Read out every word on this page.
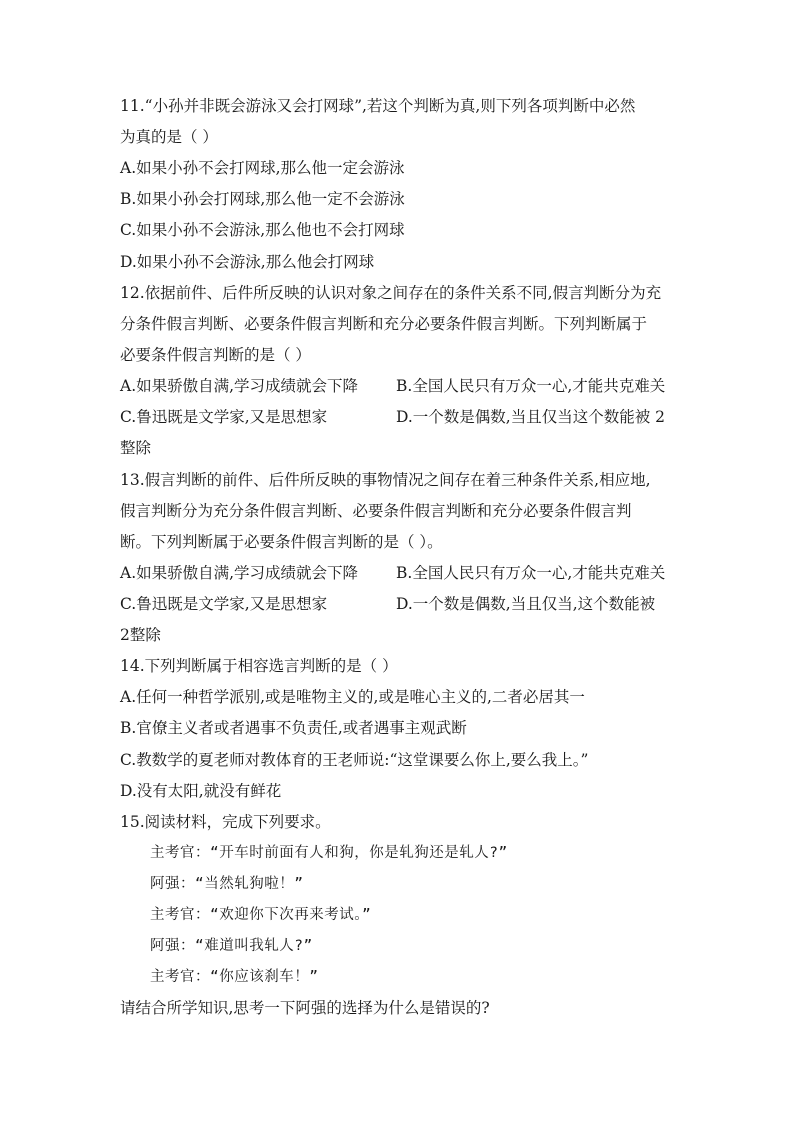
11.“小孙并非既会游泳又会打网球”,若这个判断为真,则下列各项判断中必然
为真的是（ ）
A.如果小孙不会打网球,那么他一定会游泳
B.如果小孙会打网球,那么他一定不会游泳
C.如果小孙不会游泳,那么他也不会打网球
D.如果小孙不会游泳,那么他会打网球
12.依据前件、后件所反映的认识对象之间存在的条件关系不同,假言判断分为充
分条件假言判断、必要条件假言判断和充分必要条件假言判断。下列判断属于
必要条件假言判断的是（ ）
A.如果骄傲自满,学习成绩就会下降 B.全国人民只有万众一心,才能共克难关
C.鲁迅既是文学家,又是思想家	D.一个数是偶数,当且仅当这个数能被 2
整除
13.假言判断的前件、后件所反映的事物情况之间存在着三种条件关系,相应地,
假言判断分为充分条件假言判断、必要条件假言判断和充分必要条件假言判
断。下列判断属于必要条件假言判断的是（ ）。
A.如果骄傲自满,学习成绩就会下降 B.全国人民只有万众一心,才能共克难关
C.鲁迅既是文学家,又是思想家	D.一个数是偶数,当且仅当,这个数能被
2整除
14.下列判断属于相容选言判断的是（ ）
A.任何一种哲学派别,或是唯物主义的,或是唯心主义的,二者必居其一
B.官僚主义者或者遇事不负责任,或者遇事主观武断
C.教数学的夏老师对教体育的王老师说:“这堂课要么你上,要么我上。”
D.没有太阳,就没有鲜花
15.阅读材料，完成下列要求。
主考官：“开车时前面有人和狗，你是轧狗还是轧人?”
阿强：“当然轧狗啦！”
主考官：“欢迎你下次再来考试。”
阿强：“难道叫我轧人?”
主考官：“你应该刹车！”
请结合所学知识,思考一下阿强的选择为什么是错误的?
